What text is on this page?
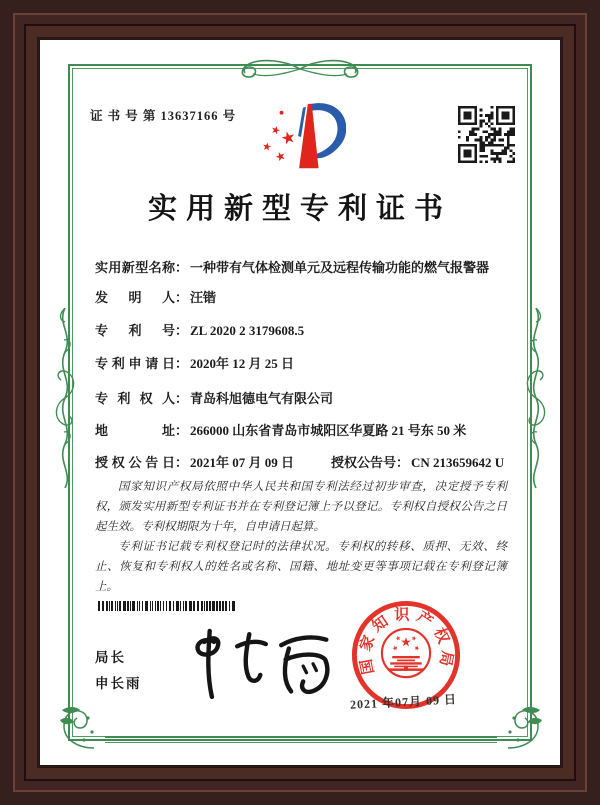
证 书 号 第 13637166 号
实用新型专利证书
实用新型名称： 一种带有气体检测单元及远程传输功能的燃气报警器
发明人： 汪锴
专利号： ZL 2020 2 3179608.5
专利申请日： 2020年 12 月 25 日
专利权人： 青岛科旭德电气有限公司
地址： 266000 山东省青岛市城阳区华夏路 21 号东 50 米
授权公告日： 2021年 07 月 09 日	授权公告号： CN 213659642 U

国家知识产权局依照中华人民共和国专利法经过初步审查，决定授予专利权，颁发实用新型专利证书并在专利登记簿上予以登记。专利权自授权公告之日起生效。专利权期限为十年，自申请日起算。

专利证书记载专利权登记时的法律状况。专利权的转移、质押、无效、终止、恢复和专利权人的姓名或名称、国籍、地址变更等事项记载在专利登记簿上。

局长
申长雨
国家知识产权局
2021 年07月 09 日
